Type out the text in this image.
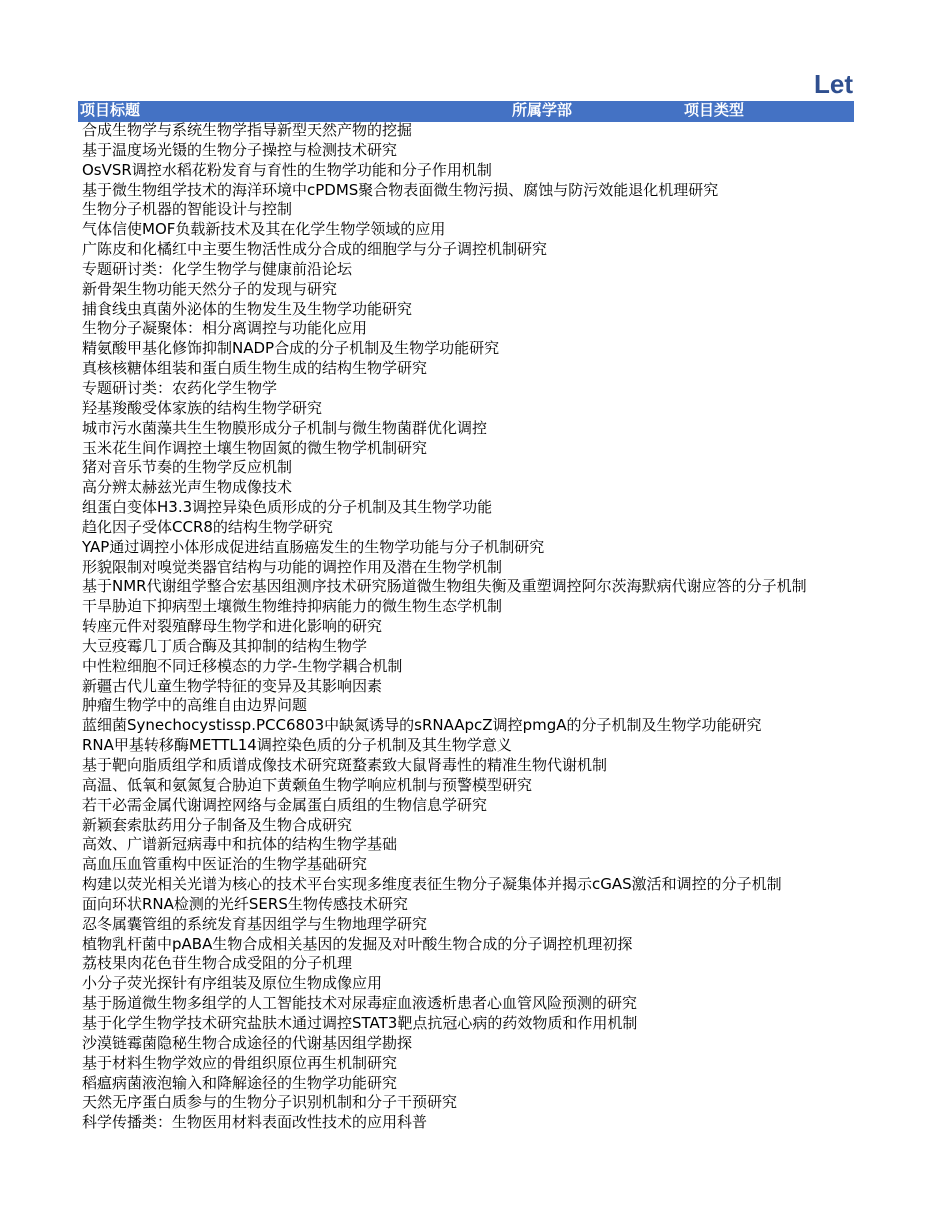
Let
项目标题	所属学部	项目类型
合成生物学与系统生物学指导新型天然产物的挖掘
基于温度场光镊的生物分子操控与检测技术研究
OsVSR调控水稻花粉发育与育性的生物学功能和分子作用机制
基于微生物组学技术的海洋环境中cPDMS聚合物表面微生物污损、腐蚀与防污效能退化机理研究
生物分子机器的智能设计与控制
气体信使MOF负载新技术及其在化学生物学领域的应用
广陈皮和化橘红中主要生物活性成分合成的细胞学与分子调控机制研究
专题研讨类：化学生物学与健康前沿论坛
新骨架生物功能天然分子的发现与研究
捕食线虫真菌外泌体的生物发生及生物学功能研究
生物分子凝聚体：相分离调控与功能化应用
精氨酸甲基化修饰抑制NADP合成的分子机制及生物学功能研究
真核核糖体组装和蛋白质生物生成的结构生物学研究
专题研讨类：农药化学生物学
羟基羧酸受体家族的结构生物学研究
城市污水菌藻共生生物膜形成分子机制与微生物菌群优化调控
玉米花生间作调控土壤生物固氮的微生物学机制研究
猪对音乐节奏的生物学反应机制
高分辨太赫兹光声生物成像技术
组蛋白变体H3.3调控异染色质形成的分子机制及其生物学功能
趋化因子受体CCR8的结构生物学研究
YAP通过调控小体形成促进结直肠癌发生的生物学功能与分子机制研究
形貌限制对嗅觉类器官结构与功能的调控作用及潜在生物学机制
基于NMR代谢组学整合宏基因组测序技术研究肠道微生物组失衡及重塑调控阿尔茨海默病代谢应答的分子机制
干旱胁迫下抑病型土壤微生物维持抑病能力的微生物生态学机制
转座元件对裂殖酵母生物学和进化影响的研究
大豆疫霉几丁质合酶及其抑制的结构生物学
中性粒细胞不同迁移模态的力学-生物学耦合机制
新疆古代儿童生物学特征的变异及其影响因素
肿瘤生物学中的高维自由边界问题
蓝细菌Synechocystissp.PCC6803中缺氮诱导的sRNAApcZ调控pmgA的分子机制及生物学功能研究
RNA甲基转移酶METTL14调控染色质的分子机制及其生物学意义
基于靶向脂质组学和质谱成像技术研究斑蝥素致大鼠肾毒性的精准生物代谢机制
高温、低氧和氨氮复合胁迫下黄颡鱼生物学响应机制与预警模型研究
若干必需金属代谢调控网络与金属蛋白质组的生物信息学研究
新颖套索肽药用分子制备及生物合成研究
高效、广谱新冠病毒中和抗体的结构生物学基础
高血压血管重构中医证治的生物学基础研究
构建以荧光相关光谱为核心的技术平台实现多维度表征生物分子凝集体并揭示cGAS激活和调控的分子机制
面向环状RNA检测的光纤SERS生物传感技术研究
忍冬属囊管组的系统发育基因组学与生物地理学研究
植物乳杆菌中pABA生物合成相关基因的发掘及对叶酸生物合成的分子调控机理初探
荔枝果肉花色苷生物合成受阻的分子机理
小分子荧光探针有序组装及原位生物成像应用
基于肠道微生物多组学的人工智能技术对尿毒症血液透析患者心血管风险预测的研究
基于化学生物学技术研究盐肤木通过调控STAT3靶点抗冠心病的药效物质和作用机制
沙漠链霉菌隐秘生物合成途径的代谢基因组学勘探
基于材料生物学效应的骨组织原位再生机制研究
稻瘟病菌液泡输入和降解途径的生物学功能研究
天然无序蛋白质参与的生物分子识别机制和分子干预研究
科学传播类：生物医用材料表面改性技术的应用科普
